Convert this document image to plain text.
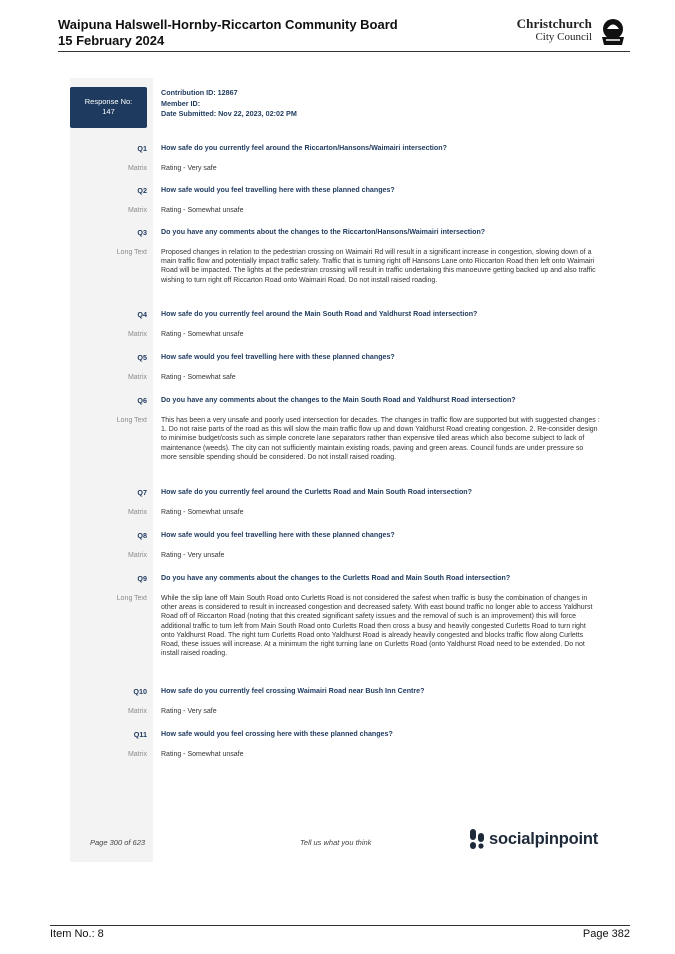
Waipuna Halswell-Hornby-Riccarton Community Board
15 February 2024
Christchurch
City Council
Response No:
147
Contribution ID: 12867
Member ID:
Date Submitted: Nov 22, 2023, 02:02 PM
Q1 How safe do you currently feel around the Riccarton/Hansons/Waimairi intersection?
Matrix Rating - Very safe
Q2 How safe would you feel travelling here with these planned changes?
Matrix Rating - Somewhat unsafe
Q3 Do you have any comments about the changes to the Riccarton/Hansons/Waimairi intersection?
Long Text Proposed changes in relation to the pedestrian crossing on Waimairi Rd will result in a significant increase in congestion, slowing down of a main traffic flow and potentially impact traffic safety. Traffic that is turning right off Hansons Lane onto Riccarton Road then left onto Waimairi Road will be impacted. The lights at the pedestrian crossing will result in traffic undertaking this manoeuvre getting backed up and also traffic wishing to turn right off Riccarton Road onto Waimairi Road. Do not install raised roading.
Q4 How safe do you currently feel around the Main South Road and Yaldhurst Road intersection?
Matrix Rating - Somewhat unsafe
Q5 How safe would you feel travelling here with these planned changes?
Matrix Rating - Somewhat safe
Q6 Do you have any comments about the changes to the Main South Road and Yaldhurst Road intersection?
Long Text This has been a very unsafe and poorly used intersection for decades. The changes in traffic flow are supported but with suggested changes : 1. Do not raise parts of the road as this will slow the main traffic flow up and down Yaldhurst Road creating congestion. 2. Re-consider design to minimise budget/costs such as simple concrete lane separators rather than expensive tiled areas which also become subject to lack of maintenance (weeds). The city can not sufficiently maintain existing roads, paving and green areas. Council funds are under pressure so more sensible spending should be considered. Do not install raised roading.
Q7 How safe do you currently feel around the Curletts Road and Main South Road intersection?
Matrix Rating - Somewhat unsafe
Q8 How safe would you feel travelling here with these planned changes?
Matrix Rating - Very unsafe
Q9 Do you have any comments about the changes to the Curletts Road and Main South Road intersection?
Long Text While the slip lane off Main South Road onto Curletts Road is not considered the safest when traffic is busy the combination of changes in other areas is considered to result in increased congestion and decreased safety. With east bound traffic no longer able to access Yaldhurst Road off of Riccarton Road (noting that this created significant safety issues and the removal of such is an improvement) this will force additional traffic to turn left from Main South Road onto Curletts Road then cross a busy and heavily congested Curletts Road to turn right onto Yaldhurst Road. The right turn Curletts Road onto Yaldhurst Road is already heavily congested and blocks traffic flow along Curletts Road, these issues will increase. At a minimum the right turning lane on Curletts Road (onto Yaldhurst Road need to be extended. Do not install raised roading.
Q10 How safe do you currently feel crossing Waimairi Road near Bush Inn Centre?
Matrix Rating - Very safe
Q11 How safe would you feel crossing here with these planned changes?
Matrix Rating - Somewhat unsafe
Page 300 of 623	Tell us what you think	socialpinpoint
Item No.: 8	Page 382
